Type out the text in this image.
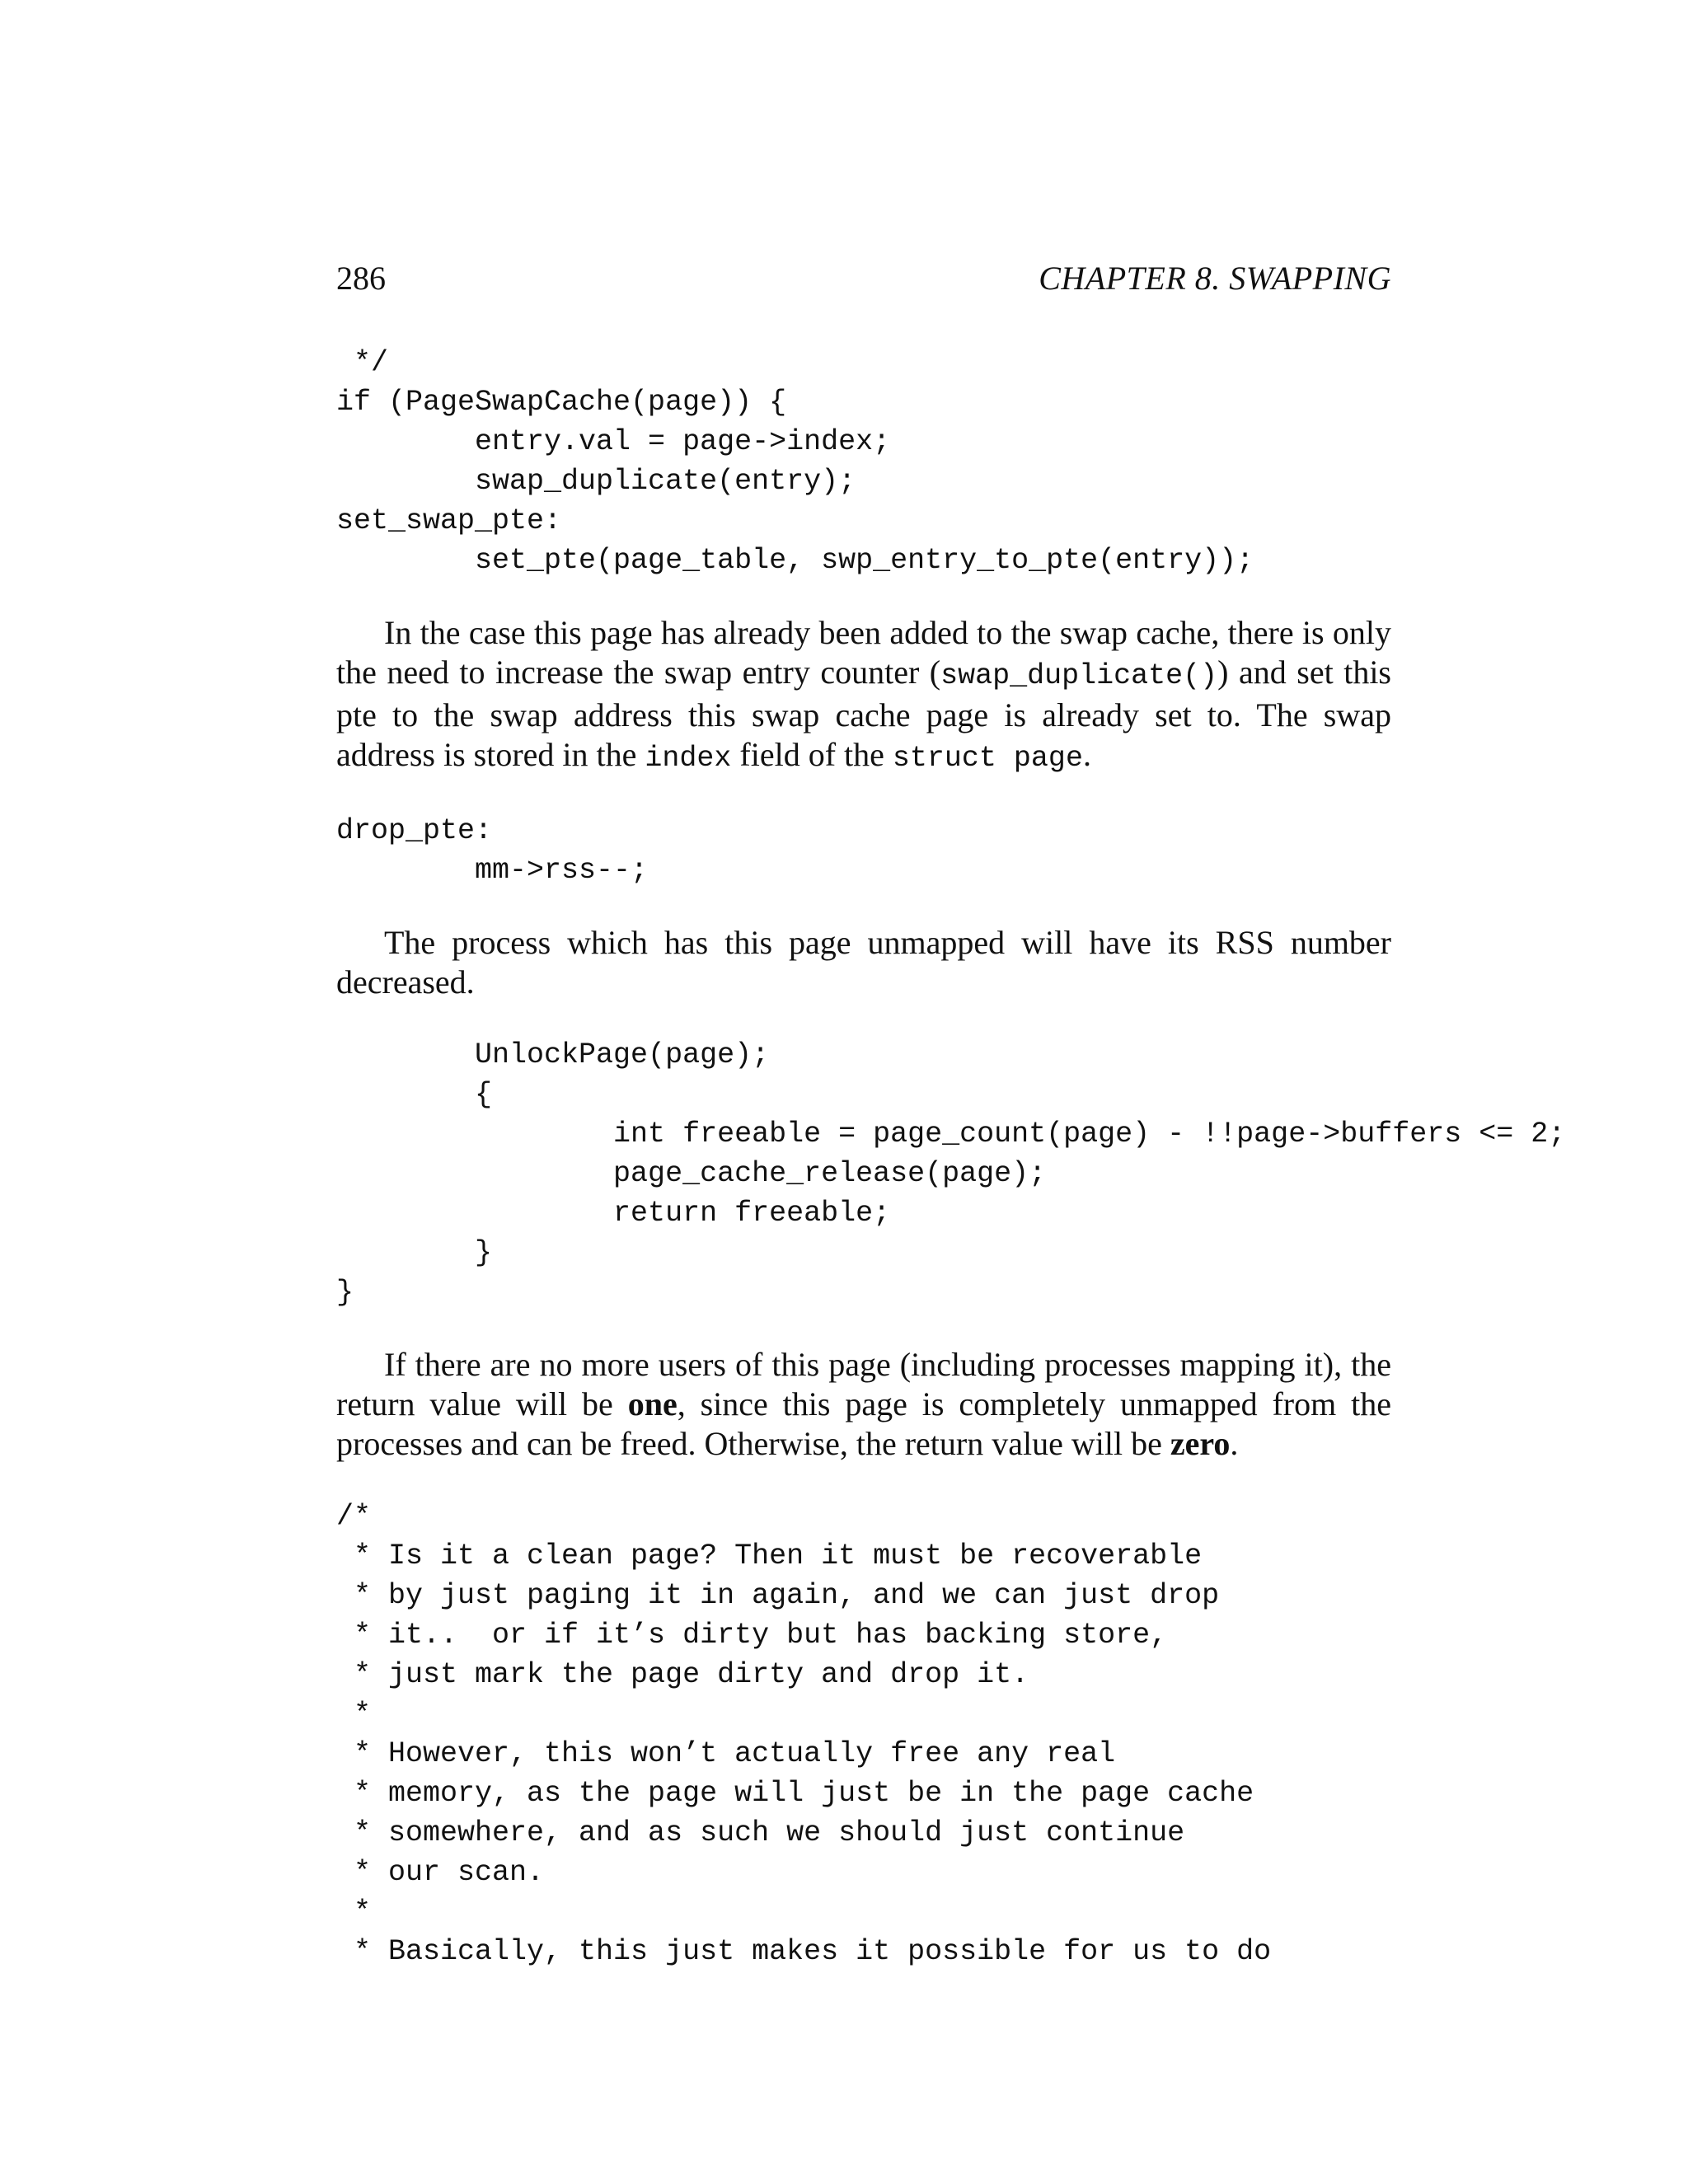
286	CHAPTER 8. SWAPPING
*/
if (PageSwapCache(page)) {
entry.val = page->index;
swap_duplicate(entry);
set_swap_pte:
set_pte(page_table, swp_entry_to_pte(entry));

In the case this page has already been added to the swap cache, there is only the need to increase the swap entry counter (swap_duplicate()) and set this pte to the swap address this swap cache page is already set to. The swap address is stored in the index field of the struct page.

drop_pte:
mm->rss--;

The process which has this page unmapped will have its RSS number decreased.

UnlockPage(page);
{
int freeable = page_count(page) - !!page->buffers <= 2;
page_cache_release(page);
return freeable;
}
}

If there are no more users of this page (including processes mapping it), the return value will be one, since this page is completely unmapped from the processes and can be freed. Otherwise, the return value will be zero.

/*
* Is it a clean page? Then it must be recoverable
* by just paging it in again, and we can just drop
* it..  or if it’s dirty but has backing store,
* just mark the page dirty and drop it.
*
* However, this won’t actually free any real
* memory, as the page will just be in the page cache
* somewhere, and as such we should just continue
* our scan.
*
* Basically, this just makes it possible for us to do
